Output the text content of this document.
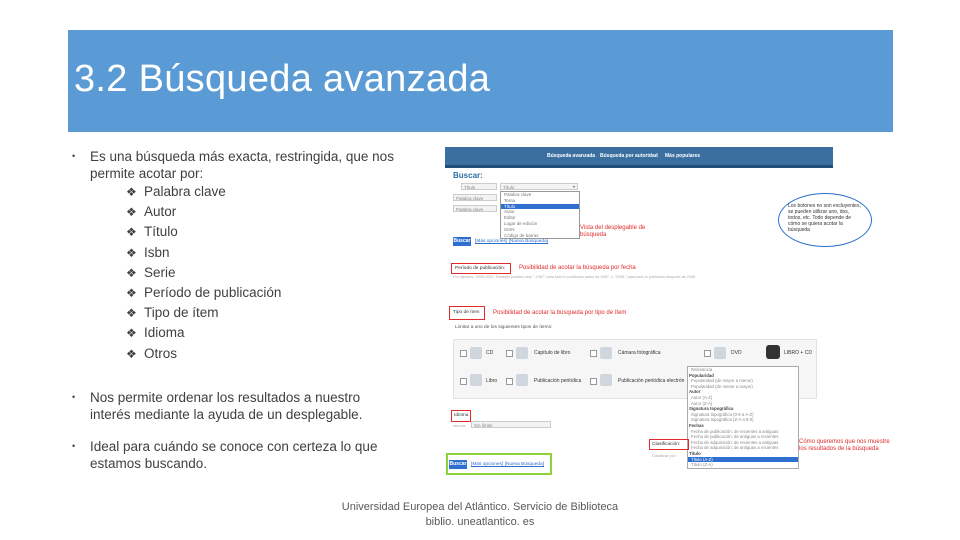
3.2 Búsqueda avanzada
• Es una búsqueda más exacta, restringida, que nos permite acotar por:
❖ Palabra clave
❖ Autor
❖ Título
❖ Isbn
❖ Serie
❖ Período de publicación
❖ Tipo de ítem
❖ Idioma
❖ Otros
• Nos permite ordenar los resultados a nuestro interés mediante la ayuda de un desplegable.
• Ideal para cuándo se conoce con certeza lo que estamos buscando.
Búsqueda avanzada Búsqueda por autoridad Más populares
Buscar:
Título	Título	▾
Palabra clave
Palabra clave
Palabra clave
Tema
Título
Autor
Editor
Lugar de edición
ISSN
Código de barras
Vista del desplegable de búsqueda
Los botones no son excluyentes, se pueden utilizar uno, dos, todos, etc. Todo depende de cómo se quiera acotar la búsqueda
Buscar [Más opciones] [Nueva Búsqueda]
Período de publicación: Posibilidad de acotar la búsqueda por fecha
Por ejemplo: 1999-2001. También puedes usar "-1987" para todo lo publicado antes de 1987, o "2008-" para todo lo publicado después de 2008.
Tipo de ítem Posibilidad de acotar la búsqueda por tipo de ítem
Limitar a uno de los siguientes tipos de ítems:
CD	Capítulo de libro	Cámara fotográfica	DVD	LIBRO + CD
Libro	Publicación periódica	Publicación periódica electrón
Idioma
Idioma:	Sin límite
Relevancia
Popularidad
Popularidad (de mayor a menor)
Popularidad (de menor a mayor)
Autor
Autor (A-Z)
Autor (Z-A)
Signatura topográfica
Signatura topográfica (0-9 a A-Z)
Signatura topográfica (Z-A a 9-0)
Fechas
Fecha de publicación: de recientes a antiguas
Fecha de publicación: de antiguas a recientes
Fecha de adquisición: de recientes a antiguas
Fecha de adquisición: de antiguas a recientes
Título
Título (A-Z)
Título (Z-A)
Clasificación:
Clasificar por:
Cómo queremos que nos muestre los resultados de la búsqueda
Buscar [Más opciones] [Nueva Búsqueda]
Universidad Europea del Atlántico. Servicio de Biblioteca
biblio. uneatlantico. es
